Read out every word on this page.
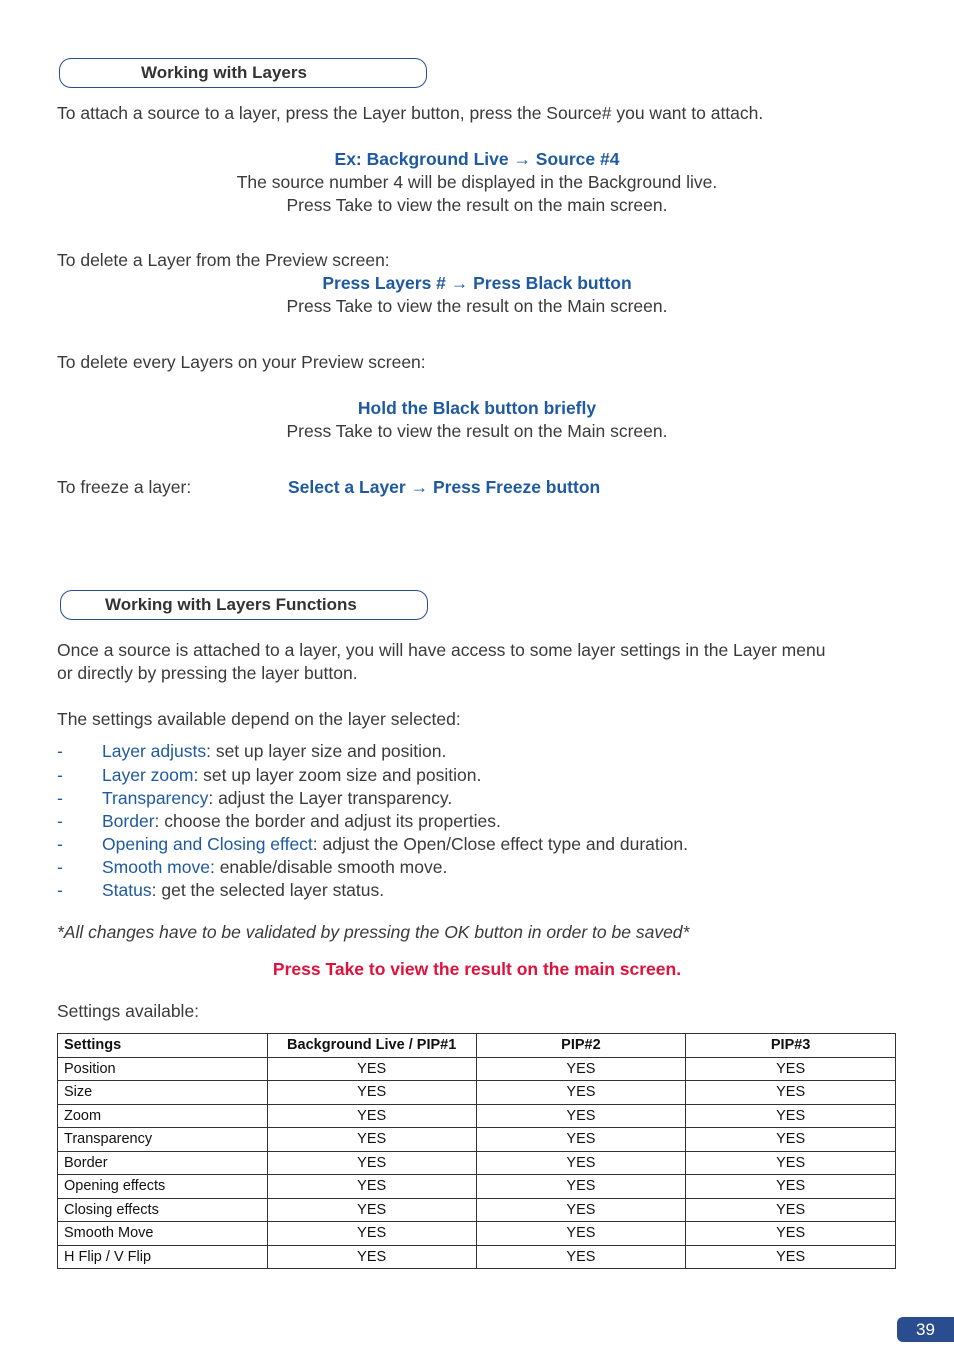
Working with Layers
To attach a source to a layer, press the Layer button, press the Source# you want to attach.
Ex: Background Live → Source #4
The source number 4 will be displayed in the Background live.
Press Take to view the result on the main screen.
To delete a Layer from the Preview screen:
Press Layers # → Press Black button
Press Take to view the result on the Main screen.
To delete every Layers on your Preview screen:
Hold the Black button briefly
Press Take to view the result on the Main screen.
To freeze a layer:	Select a Layer → Press Freeze button
Working with Layers Functions
Once a source is attached to a layer, you will have access to some layer settings in the Layer menu
or directly by pressing the layer button.
The settings available depend on the layer selected:
- Layer adjusts: set up layer size and position.
- Layer zoom: set up layer zoom size and position.
- Transparency: adjust the Layer transparency.
- Border: choose the border and adjust its properties.
- Opening and Closing effect: adjust the Open/Close effect type and duration.
- Smooth move: enable/disable smooth move.
- Status: get the selected layer status.
*All changes have to be validated by pressing the OK button in order to be saved*
Press Take to view the result on the main screen.
Settings available:
Settings	Background Live / PIP#1	PIP#2	PIP#3
Position	YES	YES	YES
Size	YES	YES	YES
Zoom	YES	YES	YES
Transparency	YES	YES	YES
Border	YES	YES	YES
Opening effects	YES	YES	YES
Closing effects	YES	YES	YES
Smooth Move	YES	YES	YES
H Flip / V Flip	YES	YES	YES
39
